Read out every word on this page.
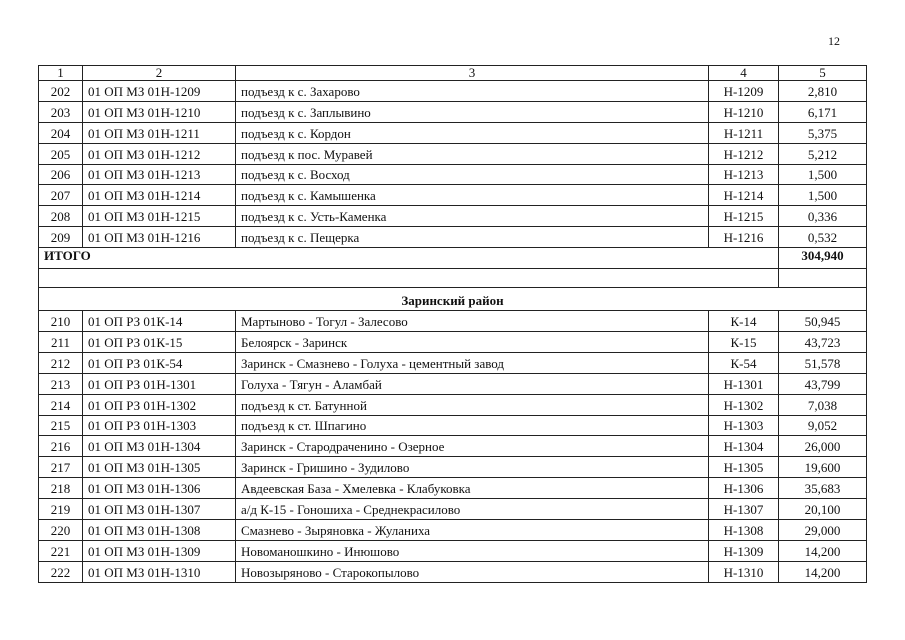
12
1	2	3	4	5
202	01 ОП МЗ 01Н-1209	подъезд к с. Захарово	Н-1209	2,810
203	01 ОП МЗ 01Н-1210	подъезд к с. Заплывино	Н-1210	6,171
204	01 ОП МЗ 01Н-1211	подъезд к с. Кордон	Н-1211	5,375
205	01 ОП МЗ 01Н-1212	подъезд к пос. Муравей	Н-1212	5,212
206	01 ОП МЗ 01Н-1213	подъезд к с. Восход	Н-1213	1,500
207	01 ОП МЗ 01Н-1214	подъезд к с. Камышенка	Н-1214	1,500
208	01 ОП МЗ 01Н-1215	подъезд к с. Усть-Каменка	Н-1215	0,336
209	01 ОП МЗ 01Н-1216	подъезд к с. Пещерка	Н-1216	0,532
ИТОГО				304,940

Заринский район				
210	01 ОП РЗ 01К-14	Мартыново - Тогул - Залесово	К-14	50,945
211	01 ОП РЗ 01К-15	Белоярск - Заринск	К-15	43,723
212	01 ОП РЗ 01К-54	Заринск - Смазнево - Голуха - цементный завод	К-54	51,578
213	01 ОП РЗ 01Н-1301	Голуха - Тягун - Аламбай	Н-1301	43,799
214	01 ОП РЗ 01Н-1302	подъезд к ст. Батунной	Н-1302	7,038
215	01 ОП РЗ 01Н-1303	подъезд к ст. Шпагино	Н-1303	9,052
216	01 ОП МЗ 01Н-1304	Заринск - Стародраченино - Озерное	Н-1304	26,000
217	01 ОП МЗ 01Н-1305	Заринск - Гришино - Зудилово	Н-1305	19,600
218	01 ОП МЗ 01Н-1306	Авдеевская База - Хмелевка - Клабуковка	Н-1306	35,683
219	01 ОП МЗ 01Н-1307	а/д К-15 - Гоношиха - Среднекрасилово	Н-1307	20,100
220	01 ОП МЗ 01Н-1308	Смазнево - Зыряновка - Жуланиха	Н-1308	29,000
221	01 ОП МЗ 01Н-1309	Новоманошкино - Инюшово	Н-1309	14,200
222	01 ОП МЗ 01Н-1310	Новозыряново - Старокопылово	Н-1310	14,200
